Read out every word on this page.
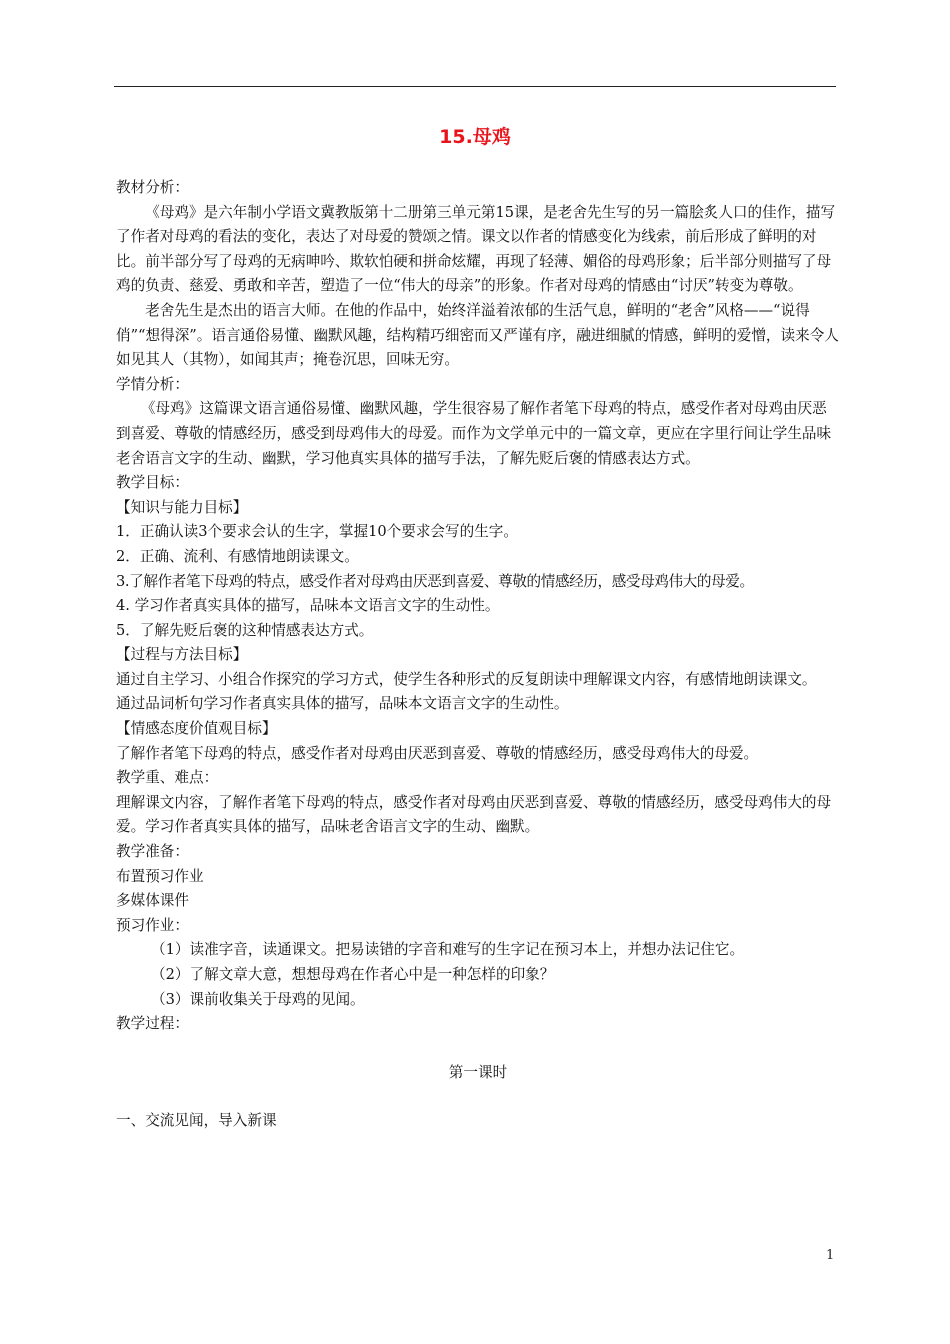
15.母鸡

教材分析：

《母鸡》是六年制小学语文冀教版第十二册第三单元第15课，是老舍先生写的另一篇脍炙人口的佳作，描写了作者对母鸡的看法的变化，表达了对母爱的赞颂之情。课文以作者的情感变化为线索，前后形成了鲜明的对比。前半部分写了母鸡的无病呻吟、欺软怕硬和拼命炫耀，再现了轻薄、媚俗的母鸡形象；后半部分则描写了母鸡的负责、慈爱、勇敢和辛苦，塑造了一位“伟大的母亲”的形象。作者对母鸡的情感由“讨厌”转变为尊敬。

老舍先生是杰出的语言大师。在他的作品中，始终洋溢着浓郁的生活气息，鲜明的“老舍”风格——“说得俏”“想得深”。语言通俗易懂、幽默风趣，结构精巧细密而又严谨有序，融进细腻的情感，鲜明的爱憎，读来令人如见其人（其物），如闻其声；掩卷沉思，回味无穷。

学情分析：

《母鸡》这篇课文语言通俗易懂、幽默风趣，学生很容易了解作者笔下母鸡的特点，感受作者对母鸡由厌恶到喜爱、尊敬的情感经历，感受到母鸡伟大的母爱。而作为文学单元中的一篇文章，更应在字里行间让学生品味老舍语言文字的生动、幽默，学习他真实具体的描写手法，了解先贬后褒的情感表达方式。

教学目标：

【知识与能力目标】

1．正确认读3个要求会认的生字，掌握10个要求会写的生字。

2．正确、流利、有感情地朗读课文。

3.了解作者笔下母鸡的特点，感受作者对母鸡由厌恶到喜爱、尊敬的情感经历，感受母鸡伟大的母爱。

4. 学习作者真实具体的描写，品味本文语言文字的生动性。

5．了解先贬后褒的这种情感表达方式。

【过程与方法目标】

通过自主学习、小组合作探究的学习方式，使学生各种形式的反复朗读中理解课文内容，有感情地朗读课文。

通过品词析句学习作者真实具体的描写，品味本文语言文字的生动性。

【情感态度价值观目标】

了解作者笔下母鸡的特点，感受作者对母鸡由厌恶到喜爱、尊敬的情感经历，感受母鸡伟大的母爱。

教学重、难点：

理解课文内容，了解作者笔下母鸡的特点，感受作者对母鸡由厌恶到喜爱、尊敬的情感经历，感受母鸡伟大的母爱。学习作者真实具体的描写，品味老舍语言文字的生动、幽默。

教学准备：

布置预习作业

多媒体课件

预习作业：

（1）读准字音，读通课文。把易读错的字音和难写的生字记在预习本上，并想办法记住它。

（2）了解文章大意，想想母鸡在作者心中是一种怎样的印象？

（3）课前收集关于母鸡的见闻。

教学过程：

第一课时

一、交流见闻，导入新课

1
